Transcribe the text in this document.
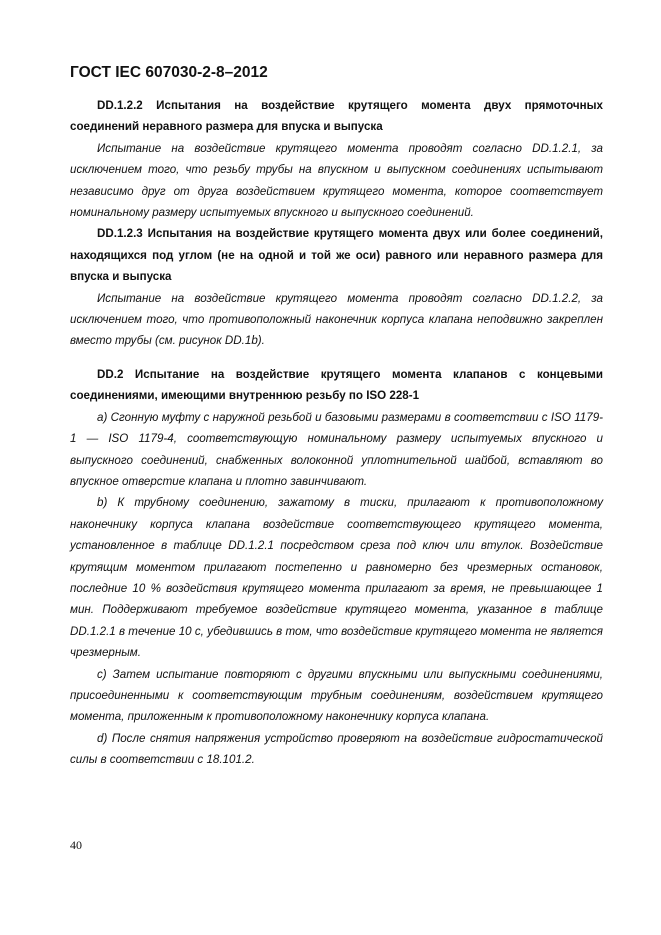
ГОСТ IEC 607030-2-8–2012

DD.1.2.2 Испытания на воздействие крутящего момента двух прямоточных соединений неравного размера для впуска и выпуска

Испытание на воздействие крутящего момента проводят согласно DD.1.2.1, за исключением того, что резьбу трубы на впускном и выпускном соединениях испытывают независимо друг от друга воздействием крутящего момента, которое соответствует номинальному размеру испытуемых впускного и выпускного соединений.

DD.1.2.3 Испытания на воздействие крутящего момента двух или более соединений, находящихся под углом (не на одной и той же оси) равного или неравного размера для впуска и выпуска

Испытание на воздействие крутящего момента проводят согласно DD.1.2.2, за исключением того, что противоположный наконечник корпуса клапана неподвижно закреплен вместо трубы (см. рисунок DD.1b).

DD.2 Испытание на воздействие крутящего момента клапанов с концевыми соединениями, имеющими внутреннюю резьбу по ISO 228-1

a) Сгонную муфту с наружной резьбой и базовыми размерами в соответствии с ISO 1179-1 — ISO 1179-4, соответствующую номинальному размеру испытуемых впускного и выпускного соединений, снабженных волоконной уплотнительной шайбой, вставляют во впускное отверстие клапана и плотно завинчивают.

b) К трубному соединению, зажатому в тиски, прилагают к противоположному наконечнику корпуса клапана воздействие соответствующего крутящего момента, установленное в таблице DD.1.2.1 посредством среза под ключ или втулок. Воздействие крутящим моментом прилагают постепенно и равномерно без чрезмерных остановок, последние 10 % воздействия крутящего момента прилагают за время, не превышающее 1 мин. Поддерживают требуемое воздействие крутящего момента, указанное в таблице DD.1.2.1 в течение 10 с, убедившись в том, что воздействие крутящего момента не является чрезмерным.

c) Затем испытание повторяют с другими впускными или выпускными соединениями, присоединенными к соответствующим трубным соединениям, воздействием крутящего момента, приложенным к противоположному наконечнику корпуса клапана.

d) После снятия напряжения устройство проверяют на воздействие гидростатической силы в соответствии с 18.101.2.

40
